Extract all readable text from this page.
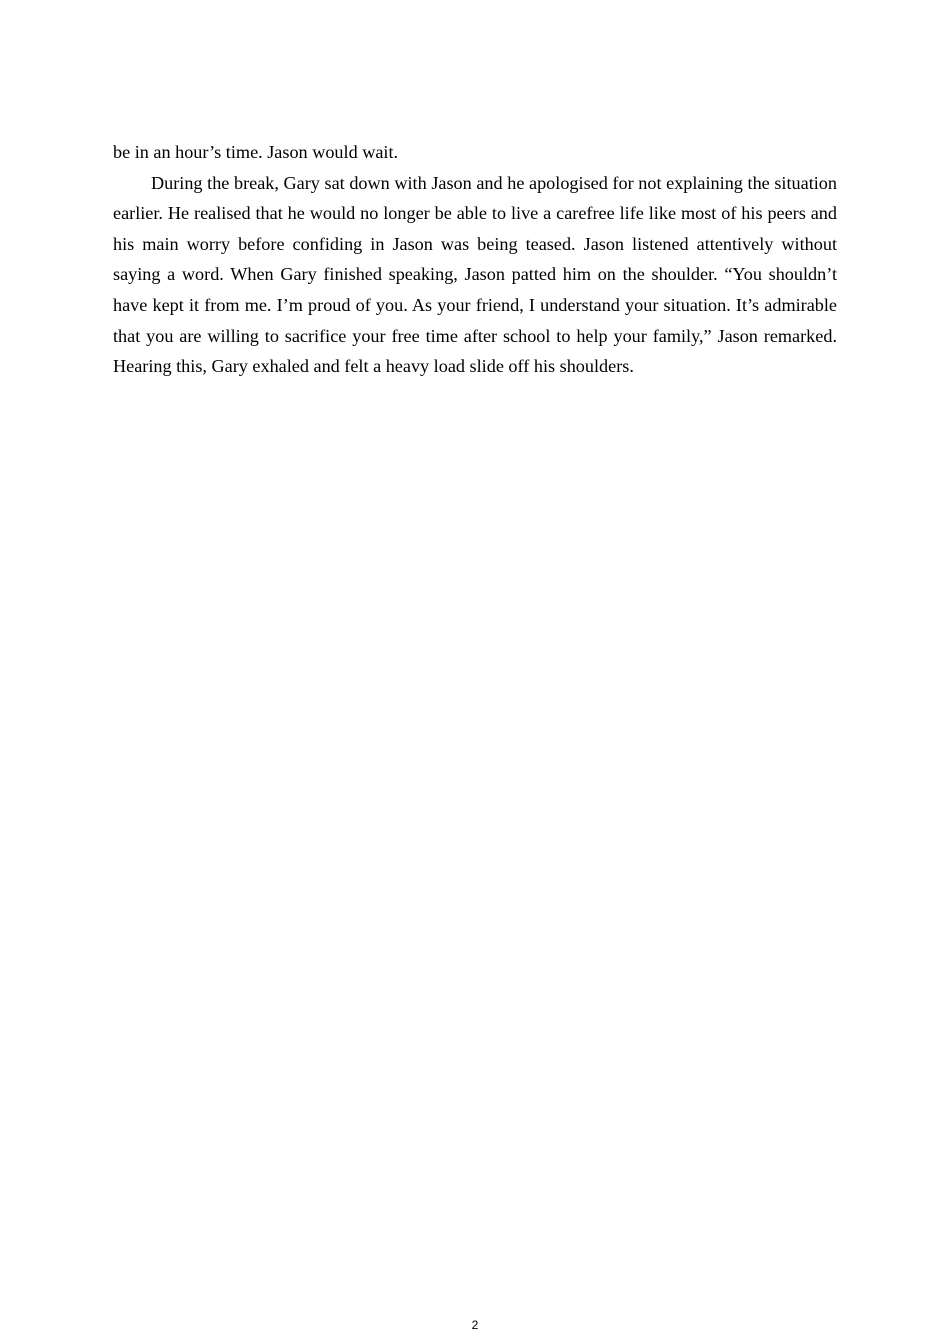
be in an hour’s time. Jason would wait.

During the break, Gary sat down with Jason and he apologised for not explaining the situation earlier. He realised that he would no longer be able to live a carefree life like most of his peers and his main worry before confiding in Jason was being teased. Jason listened attentively without saying a word. When Gary finished speaking, Jason patted him on the shoulder. “You shouldn’t have kept it from me. I’m proud of you. As your friend, I understand your situation. It’s admirable that you are willing to sacrifice your free time after school to help your family,” Jason remarked. Hearing this, Gary exhaled and felt a heavy load slide off his shoulders.

2
